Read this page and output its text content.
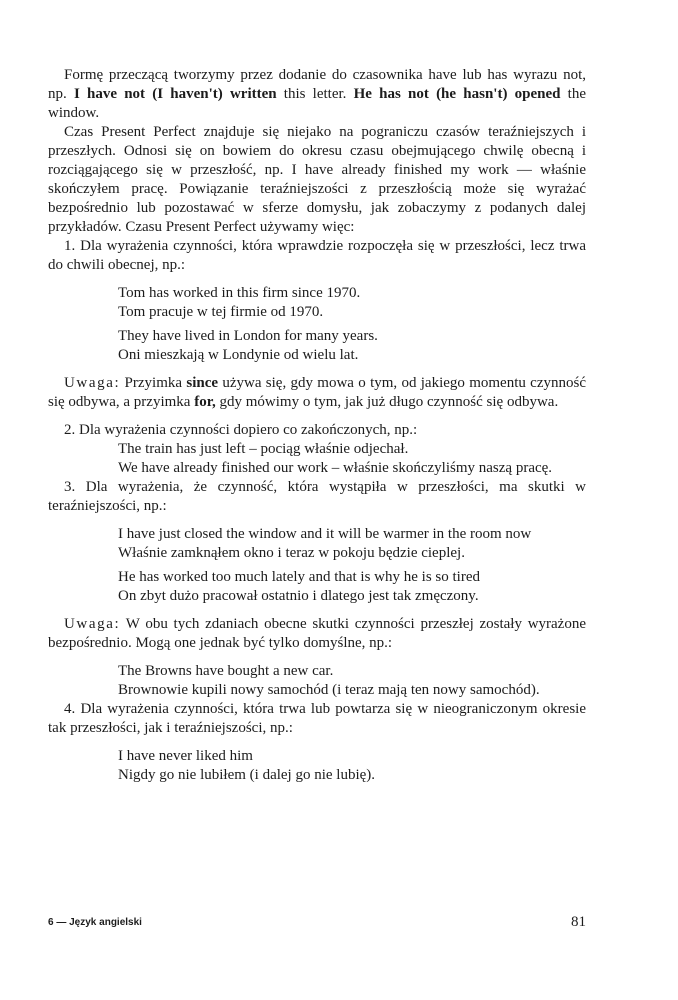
Formę przeczącą tworzymy przez dodanie do czasownika have lub has wyrazu not, np. I have not (I haven't) written this letter. He has not (he hasn't) opened the window.

Czas Present Perfect znajduje się niejako na pograniczu czasów teraźniejszych i przeszłych. Odnosi się on bowiem do okresu czasu obejmującego chwilę obecną i rozciągającego się w przeszłość, np. I have already finished my work — właśnie skończyłem pracę. Powiązanie teraźniejszości z przeszłością może się wyrażać bezpośrednio lub pozostawać w sferze domysłu, jak zobaczymy z podanych dalej przykładów. Czasu Present Perfect używamy więc:

1. Dla wyrażenia czynności, która wprawdzie rozpoczęła się w przeszłości, lecz trwa do chwili obecnej, np.:

Tom has worked in this firm since 1970.

Tom pracuje w tej firmie od 1970.

They have lived in London for many years.

Oni mieszkają w Londynie od wielu lat.

Uwaga: Przyimka since używa się, gdy mowa o tym, od jakiego momentu czynność się odbywa, a przyimka for, gdy mówimy o tym, jak już długo czynność się odbywa.

2. Dla wyrażenia czynności dopiero co zakończonych, np.:

The train has just left – pociąg właśnie odjechał.

We have already finished our work – właśnie skończyliśmy naszą pracę.

3. Dla wyrażenia, że czynność, która wystąpiła w przeszłości, ma skutki w teraźniejszości, np.:

I have just closed the window and it will be warmer in the room now

Właśnie zamknąłem okno i teraz w pokoju będzie cieplej.

He has worked too much lately and that is why he is so tired

On zbyt dużo pracował ostatnio i dlatego jest tak zmęczony.

Uwaga: W obu tych zdaniach obecne skutki czynności przeszłej zostały wyrażone bezpośrednio. Mogą one jednak być tylko domyślne, np.:

The Browns have bought a new car.

Brownowie kupili nowy samochód (i teraz mają ten nowy samochód).

4. Dla wyrażenia czynności, która trwa lub powtarza się w nieograniczonym okresie tak przeszłości, jak i teraźniejszości, np.:

I have never liked him

Nigdy go nie lubiłem (i dalej go nie lubię).

6 — Język angielski	81
